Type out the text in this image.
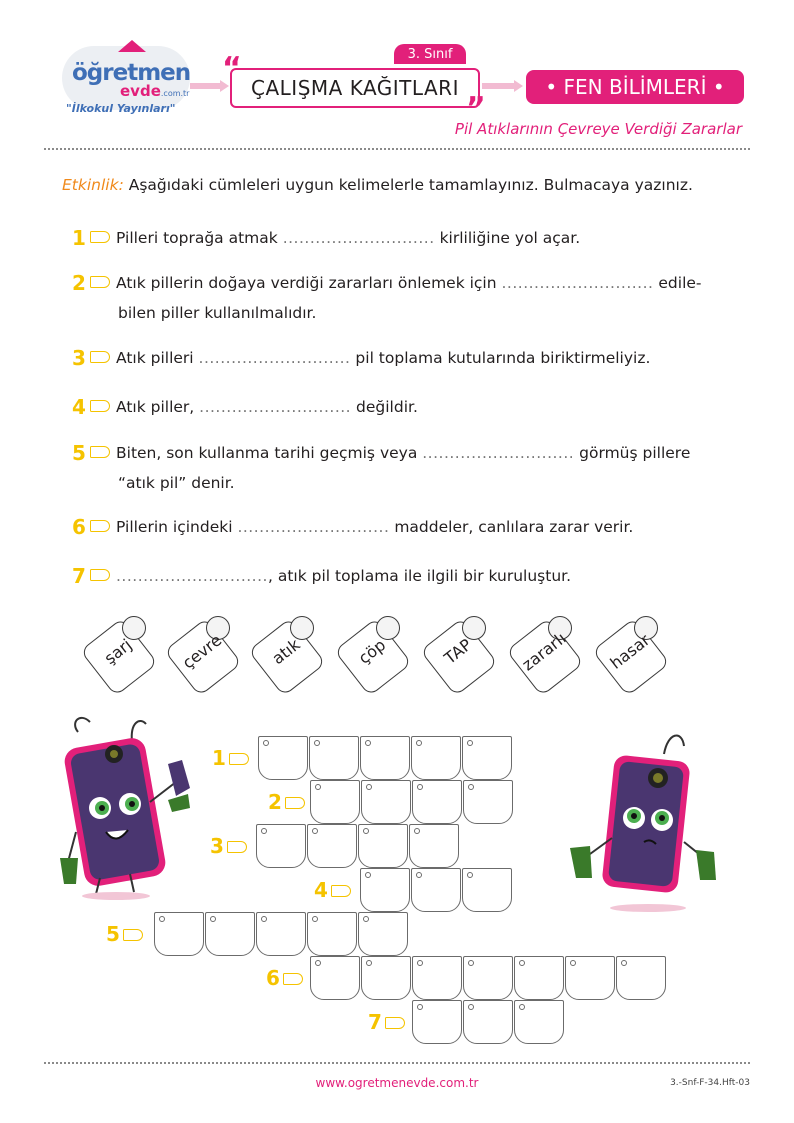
öğretmen
evde.com.tr
"İlkokul Yayınları"
3. Sınıf
“
ÇALIŞMA KAĞITLARI
”
• FEN BİLİMLERİ •
Pil Atıklarının Çevreye Verdiği Zararlar
Etkinlik: Aşağıdaki cümleleri uygun kelimelerle tamamlayınız. Bulmacaya yazınız.
1 Pilleri toprağa atmak ............................ kirliliğine yol açar.
2 Atık pillerin doğaya verdiği zararları önlemek için ............................ edile-
bilen piller kullanılmalıdır.
3 Atık pilleri ............................ pil toplama kutularında biriktirmeliyiz.
4 Atık piller, ............................ değildir.
5 Biten, son kullanma tarihi geçmiş veya ............................ görmüş pillere
“atık pil” denir.
6 Pillerin içindeki ............................ maddeler, canlılara zarar verir.
7 ............................, atık pil toplama ile ilgili bir kuruluştur.
şarj	çevre	atık	çöp	TAP	zararlı	hasar
1
2
3
4
5
6
7
www.ogretmenevde.com.tr	3.-Snf-F-34.Hft-03
